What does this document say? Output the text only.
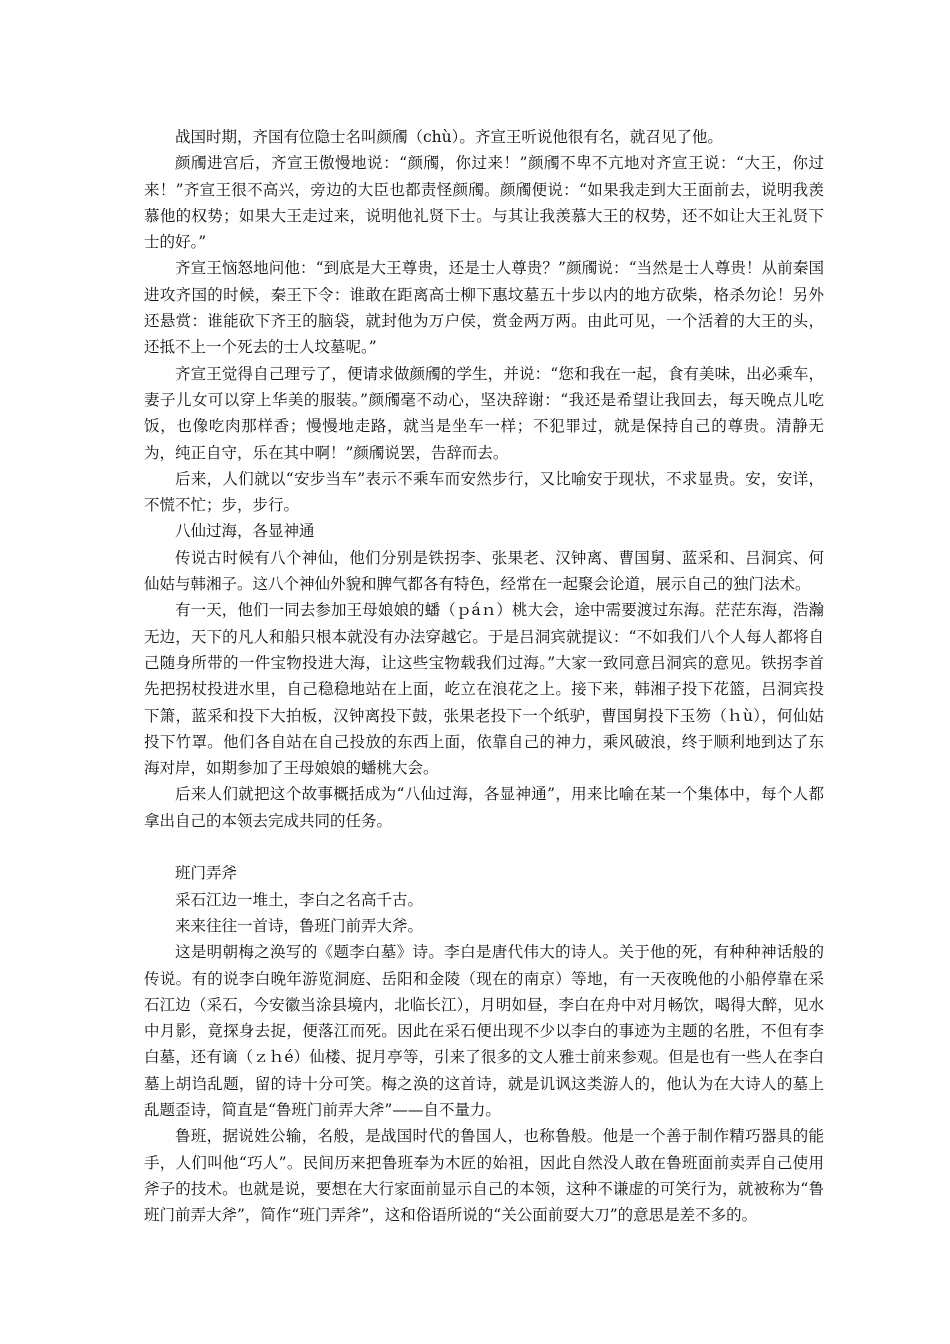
战国时期，齐国有位隐士名叫颜斶（chù）。齐宣王听说他很有名，就召见了他。

颜斶进宫后，齐宣王傲慢地说：“颜斶，你过来！”颜斶不卑不亢地对齐宣王说：“大王，你过来！”齐宣王很不高兴，旁边的大臣也都责怪颜斶。颜斶便说：“如果我走到大王面前去，说明我羡慕他的权势；如果大王走过来，说明他礼贤下士。与其让我羡慕大王的权势，还不如让大王礼贤下士的好。”

齐宣王恼怒地问他：“到底是大王尊贵，还是士人尊贵？”颜斶说：“当然是士人尊贵！从前秦国进攻齐国的时候，秦王下令：谁敢在距离高士柳下惠坟墓五十步以内的地方砍柴，格杀勿论！另外还悬赏：谁能砍下齐王的脑袋，就封他为万户侯，赏金两万两。由此可见，一个活着的大王的头，还抵不上一个死去的士人坟墓呢。”

齐宣王觉得自己理亏了，便请求做颜斶的学生，并说：“您和我在一起，食有美味，出必乘车，妻子儿女可以穿上华美的服装。”颜斶毫不动心，坚决辞谢：“我还是希望让我回去，每天晚点儿吃饭，也像吃肉那样香；慢慢地走路，就当是坐车一样；不犯罪过，就是保持自己的尊贵。清静无为，纯正自守，乐在其中啊！”颜斶说罢，告辞而去。

后来，人们就以“安步当车”表示不乘车而安然步行，又比喻安于现状，不求显贵。安，安详，不慌不忙；步，步行。

八仙过海，各显神通

传说古时候有八个神仙，他们分别是铁拐李、张果老、汉钟离、曹国舅、蓝采和、吕洞宾、何仙姑与韩湘子。这八个神仙外貌和脾气都各有特色，经常在一起聚会论道，展示自己的独门法术。

有一天，他们一同去参加王母娘娘的蟠（ｐáｎ）桃大会，途中需要渡过东海。茫茫东海，浩瀚无边，天下的凡人和船只根本就没有办法穿越它。于是吕洞宾就提议：“不如我们八个人每人都将自己随身所带的一件宝物投进大海，让这些宝物载我们过海。”大家一致同意吕洞宾的意见。铁拐李首先把拐杖投进水里，自己稳稳地站在上面，屹立在浪花之上。接下来，韩湘子投下花篮，吕洞宾投下箫，蓝采和投下大拍板，汉钟离投下鼓，张果老投下一个纸驴，曹国舅投下玉笏（ｈù），何仙姑投下竹罩。他们各自站在自己投放的东西上面，依靠自己的神力，乘风破浪，终于顺利地到达了东海对岸，如期参加了王母娘娘的蟠桃大会。

后来人们就把这个故事概括成为“八仙过海，各显神通”，用来比喻在某一个集体中，每个人都拿出自己的本领去完成共同的任务。

班门弄斧

采石江边一堆土，李白之名高千古。

来来往往一首诗，鲁班门前弄大斧。

这是明朝梅之涣写的《题李白墓》诗。李白是唐代伟大的诗人。关于他的死，有种种神话般的传说。有的说李白晚年游览洞庭、岳阳和金陵（现在的南京）等地，有一天夜晚他的小船停靠在采石江边（采石，今安徽当涂县境内，北临长江），月明如昼，李白在舟中对月畅饮，喝得大醉，见水中月影，竟探身去捉，便落江而死。因此在采石便出现不少以李白的事迹为主题的名胜，不但有李白墓，还有谪（ｚｈé）仙楼、捉月亭等，引来了很多的文人雅士前来参观。但是也有一些人在李白墓上胡诌乱题，留的诗十分可笑。梅之涣的这首诗，就是讥讽这类游人的，他认为在大诗人的墓上乱题歪诗，简直是“鲁班门前弄大斧”——自不量力。

鲁班，据说姓公输，名般，是战国时代的鲁国人，也称鲁般。他是一个善于制作精巧器具的能手，人们叫他“巧人”。民间历来把鲁班奉为木匠的始祖，因此自然没人敢在鲁班面前卖弄自己使用斧子的技术。也就是说，要想在大行家面前显示自己的本领，这种不谦虚的可笑行为，就被称为“鲁班门前弄大斧”，简作“班门弄斧”，这和俗语所说的“关公面前耍大刀”的意思是差不多的。
